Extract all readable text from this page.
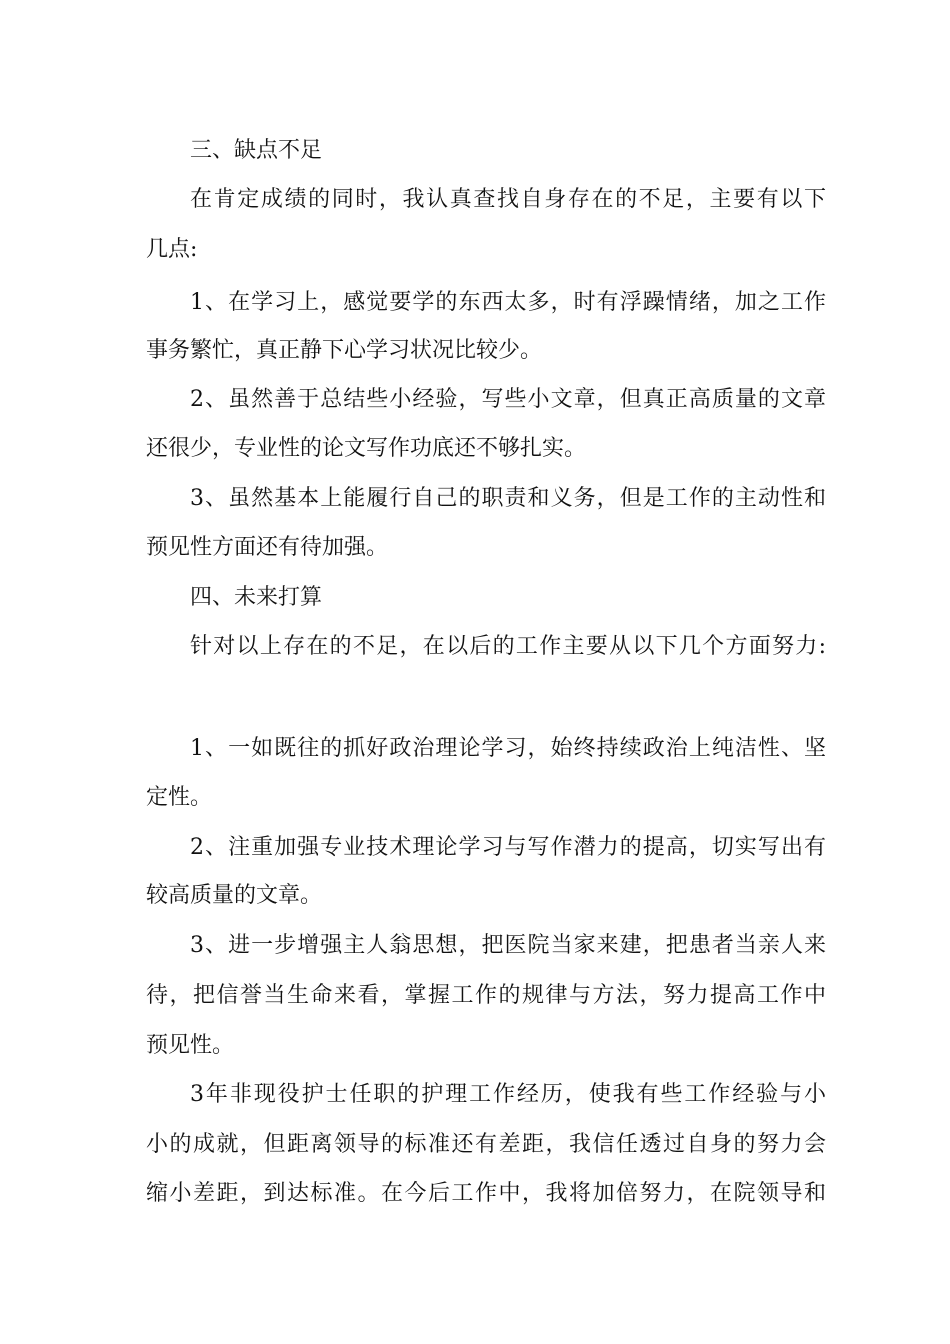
三、缺点不足
在肯定成绩的同时，我认真查找自身存在的不足，主要有以下
几点:
1、在学习上，感觉要学的东西太多，时有浮躁情绪，加之工作
事务繁忙，真正静下心学习状况比较少。
2、虽然善于总结些小经验，写些小文章，但真正高质量的文章
还很少，专业性的论文写作功底还不够扎实。
3、虽然基本上能履行自己的职责和义务，但是工作的主动性和
预见性方面还有待加强。
四、未来打算
针对以上存在的不足，在以后的工作主要从以下几个方面努力:
1、一如既往的抓好政治理论学习，始终持续政治上纯洁性、坚
定性。
2、注重加强专业技术理论学习与写作潜力的提高，切实写出有
较高质量的文章。
3、进一步增强主人翁思想，把医院当家来建，把患者当亲人来
待，把信誉当生命来看，掌握工作的规律与方法，努力提高工作中
预见性。
3年非现役护士任职的护理工作经历，使我有些工作经验与小
小的成就，但距离领导的标准还有差距，我信任透过自身的努力会
缩小差距，到达标准。在今后工作中，我将加倍努力，在院领导和
